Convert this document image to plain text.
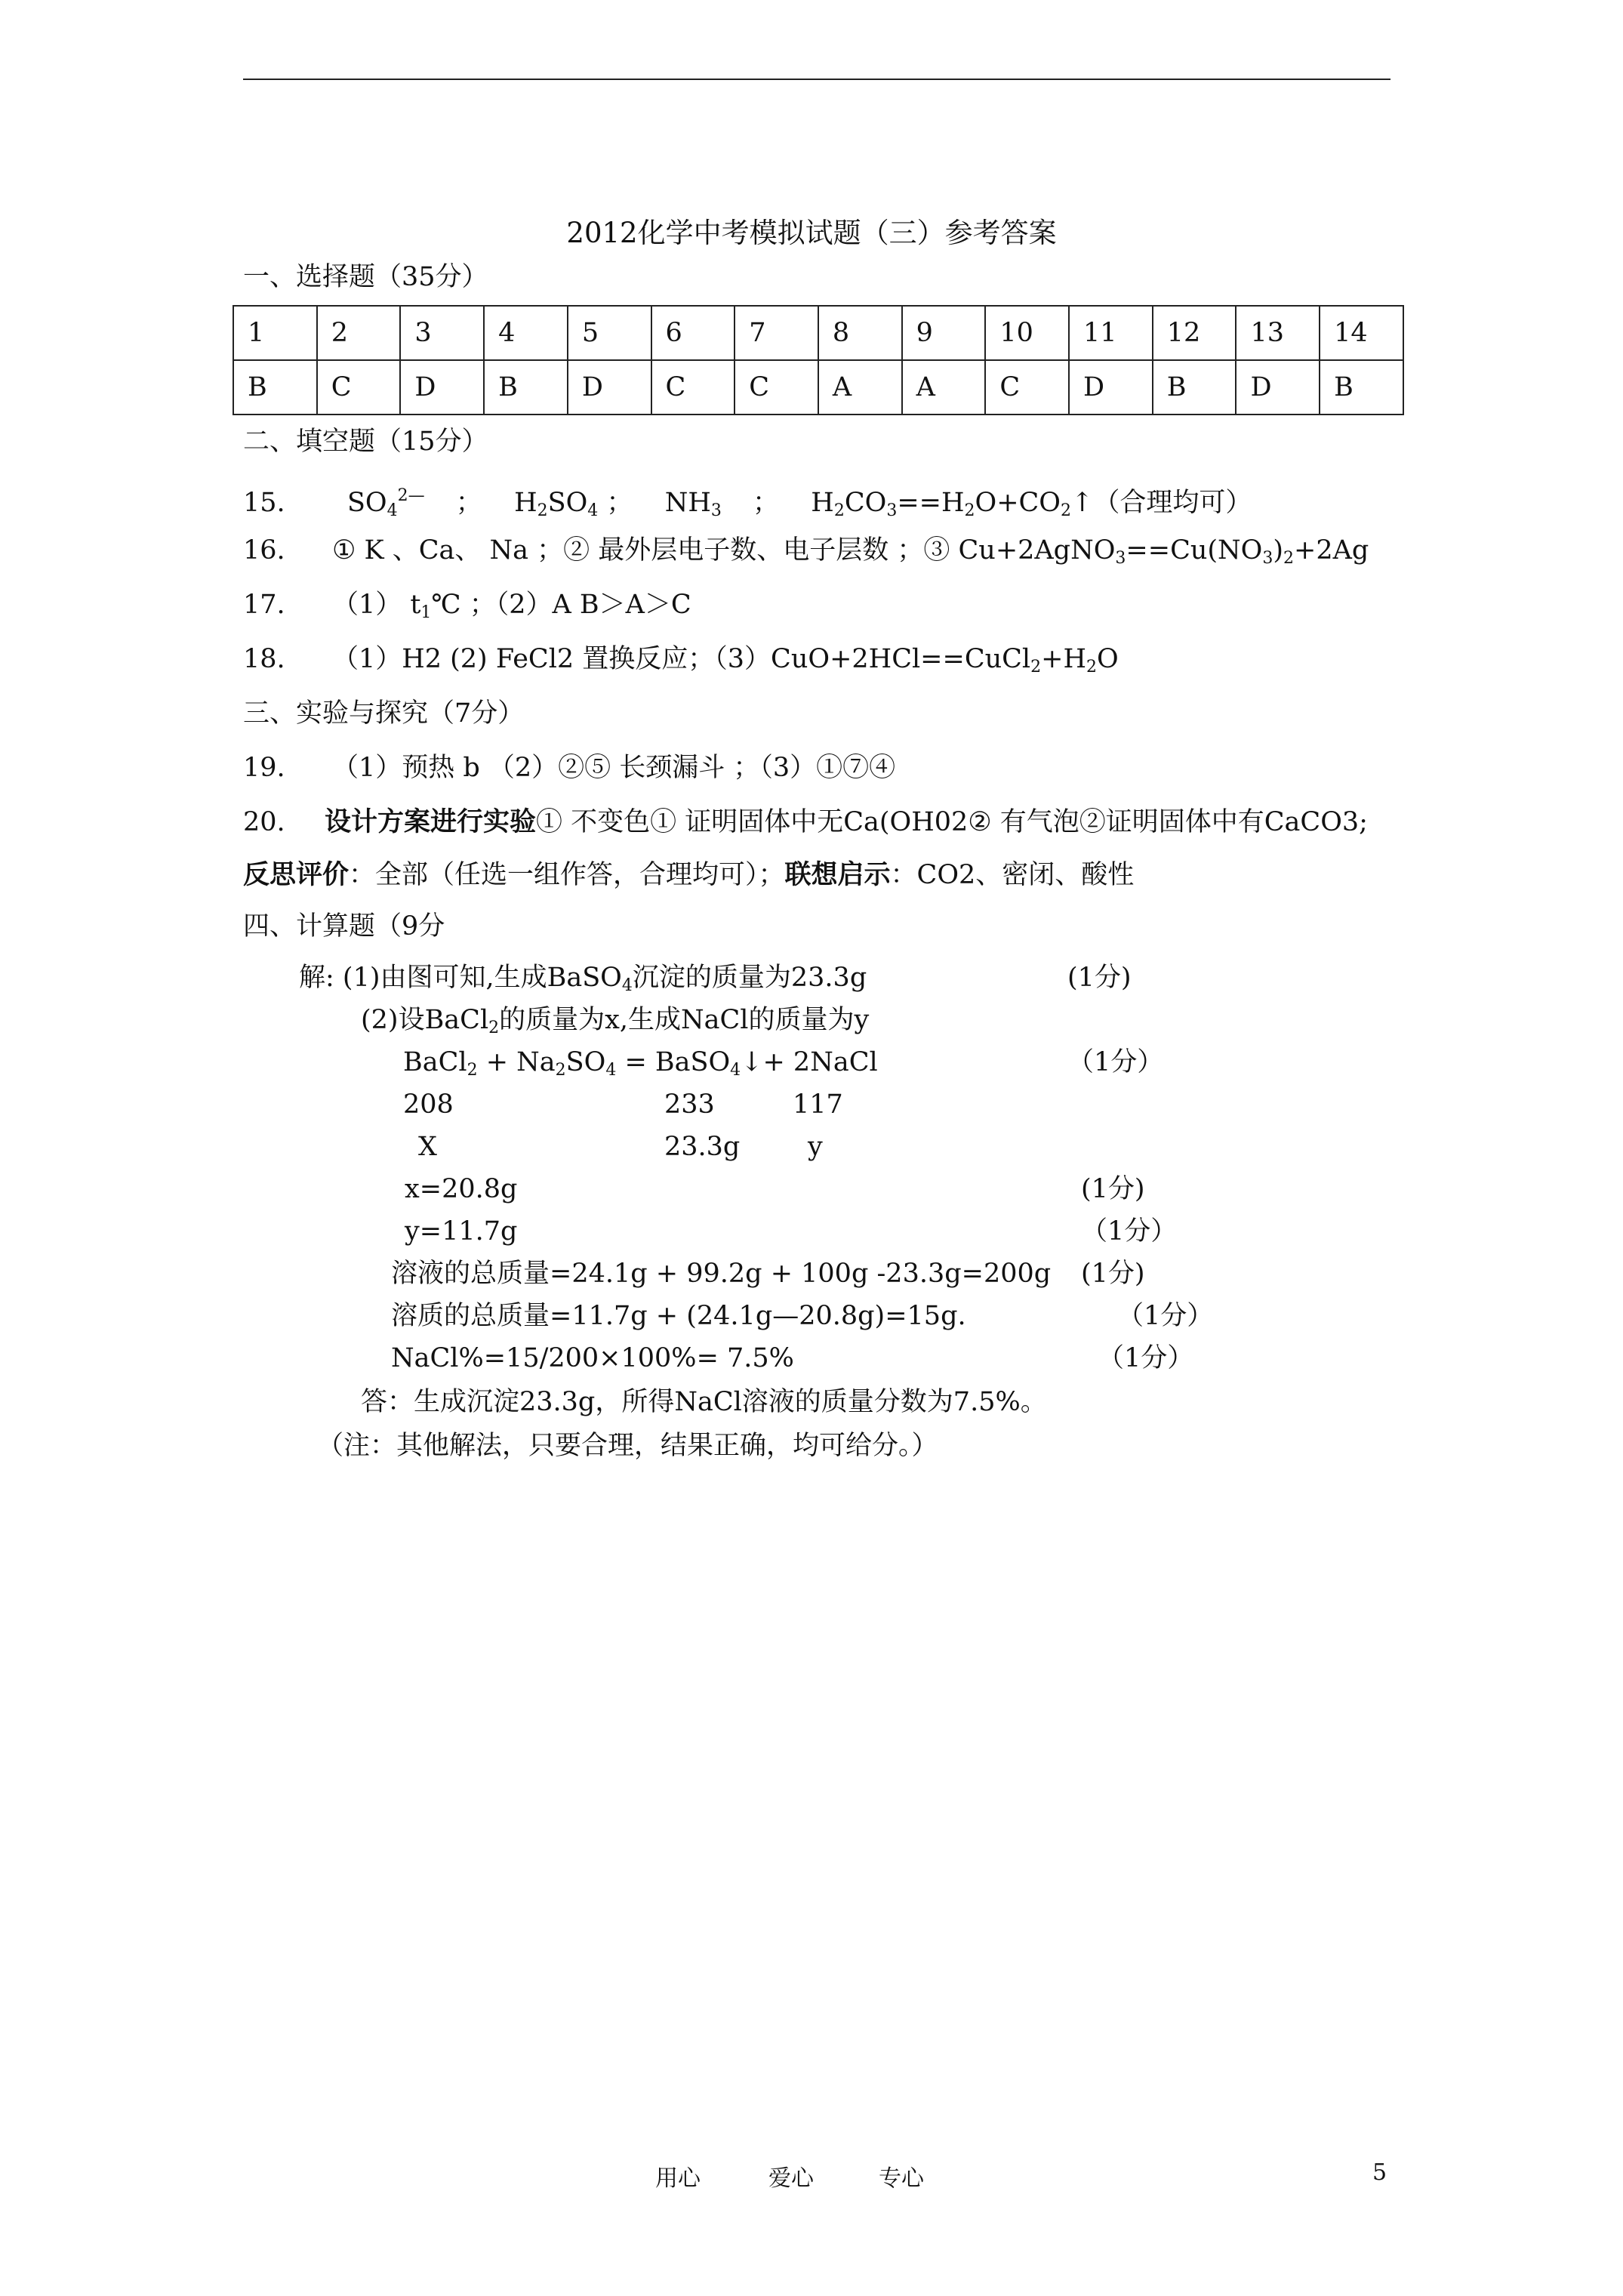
2012化学中考模拟试题（三）参考答案
一、选择题（35分）
1	2	3	4	5	6	7	8	9	10	11	12	13	14
B	C	D	B	D	C	C	A	A	C	D	B	D	B
二、填空题（15分）
15. $SO_4^{2—}$ ； $H_2SO_4$ ； $NH_3$ ； $H_2CO_3==H_2O+CO_2↑$（合理均可）
16. ① K 、Ca、 Na ；② 最外层电子数、电子层数 ；③ $Cu+2AgNO_3==Cu(NO_3)_2+2Ag$
17. （1） $t_1℃$ ；（2）A B＞A＞C
18. （1）H2 (2) FeCl2 置换反应；$(3)CuO+2HCl==CuCl_2+H_2O$
三、实验与探究（7分）
19. （1）预热 b （2）②⑤ 长颈漏斗 ；（3）①⑦④
20. 设计方案进行实验① 不变色① 证明固体中无Ca(OH02② 有气泡②证明固体中有CaCO3;
反思评价：全部（任选一组作答，合理均可）；联想启示：CO2、密闭、酸性
四、计算题（9分
解: (1)由图可知,生成BaSO$_4$沉淀的质量为23.3g	(1分)
(2)设BaCl$_2$的质量为x,生成NaCl的质量为y
BaCl$_2$ + $Na_2SO_4$ = BaSO$_4$↓+ 2NaCl	（1分）
208	233	117
X	23.3g	y
x=20.8g	(1分)
y=11.7g	（1分）
溶液的总质量=24.1g + 99.2g + 100g -23.3g=200g (1分)
溶质的总质量=11.7g + (24.1g—20.8g)=15g.	（1分）
NaCl%=15/200×100%= 7.5%	（1分）
答：生成沉淀23.3g，所得NaCl溶液的质量分数为7.5%。
（注：其他解法，只要合理，结果正确，均可给分。）
用心	爱心	专心	5
